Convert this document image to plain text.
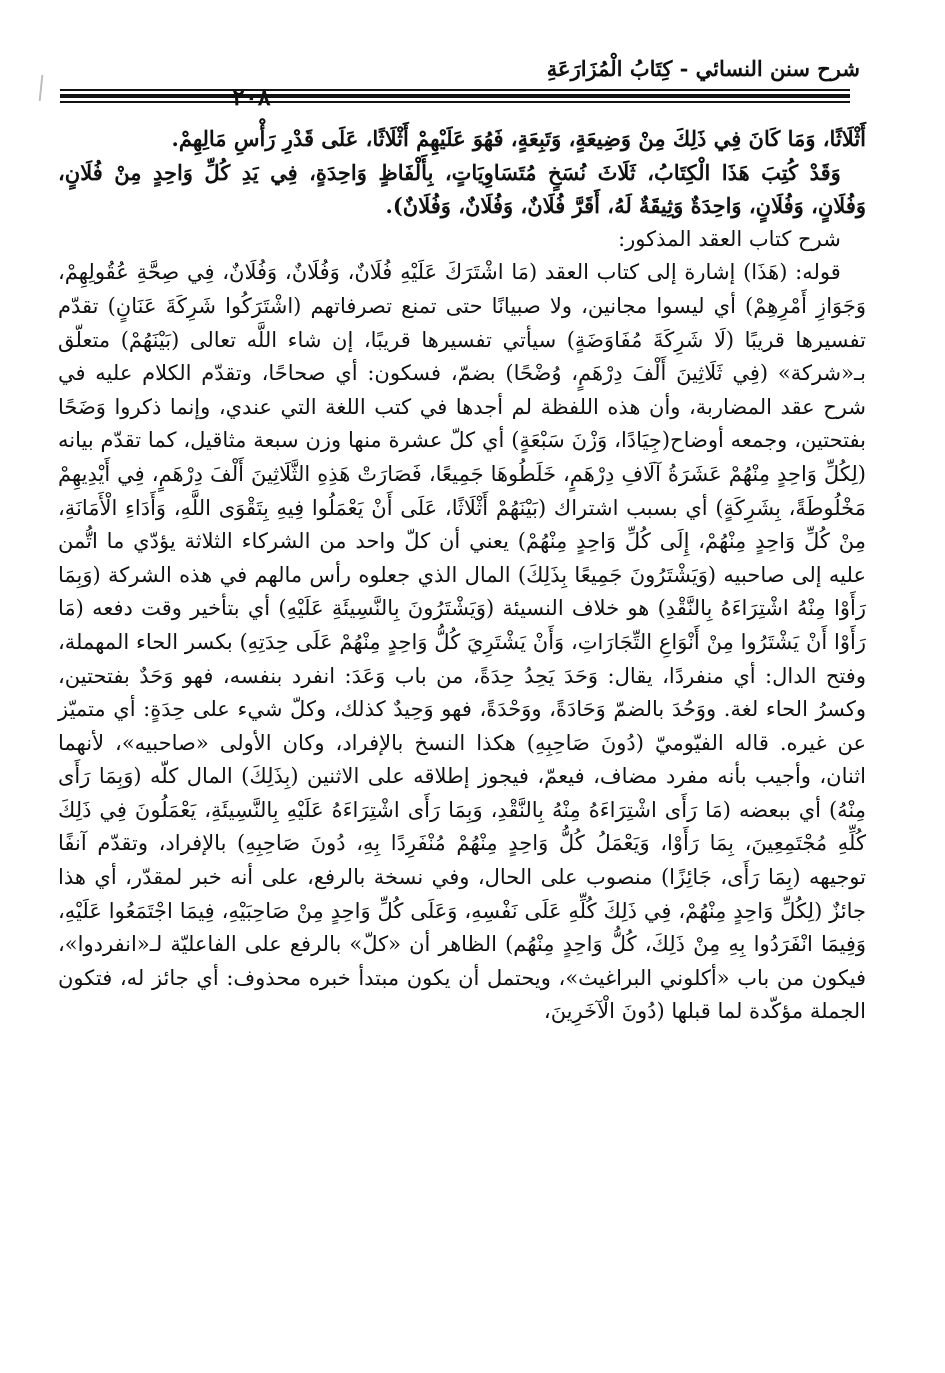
شرح سنن النسائي - كِتَابُ الْمُزَارَعَةِ

أَثْلَاثًا، وَمَا كَانَ فِي ذَلِكَ مِنْ وَضِيعَةٍ، وَتَبِعَةٍ، فَهُوَ عَلَيْهِمْ أَثْلَاثًا، عَلَى قَدْرِ رَأْسِ مَالِهِمْ.

وَقَدْ كُتِبَ هَذَا الْكِتَابُ، ثَلَاثَ نُسَخٍ مُتَسَاوِيَاتٍ، بِأَلْفَاظٍ وَاحِدَةٍ، فِي يَدِ كُلِّ وَاحِدٍ مِنْ فُلَانٍ، وَفُلَانٍ، وَفُلَانٍ، وَاحِدَةٌ وَثِيقَةٌ لَهُ، أَقَرَّ فُلَانٌ، وَفُلَانٌ، وَفُلَانٌ).

شرح كتاب العقد المذكور:

قوله: (هَذَا) إشارة إلى كتاب العقد (مَا اشْتَرَكَ عَلَيْهِ فُلَانٌ، وَفُلَانٌ، وَفُلَانٌ، فِي صِحَّةِ عُقُولِهِمْ، وَجَوَازِ أَمْرِهِمْ) أي ليسوا مجانين، ولا صبيانًا حتى تمنع تصرفاتهم (اشْتَرَكُوا شَرِكَةَ عَنَانٍ) تقدّم تفسيرها قريبًا (لَا شَرِكَةَ مُفَاوَضَةٍ) سيأتي تفسيرها قريبًا، إن شاء اللَّه تعالى (بَيْنَهُمْ) متعلّق بـ«شركة» (فِي ثَلَاثِينَ أَلْفَ دِرْهَمٍ، وُضْحًا) بضمّ، فسكون: أي صحاحًا، وتقدّم الكلام عليه في شرح عقد المضاربة، وأن هذه اللفظة لم أجدها في كتب اللغة التي عندي، وإنما ذكروا وَضَحًا بفتحتين، وجمعه أوضاح(جِيَادًا، وَزْنَ سَبْعَةٍ) أي كلّ عشرة منها وزن سبعة مثاقيل، كما تقدّم بيانه (لِكُلِّ وَاحِدٍ مِنْهُمْ عَشَرَةُ آلَافِ دِرْهَمٍ، خَلَطُوهَا جَمِيعًا، فَصَارَتْ هَذِهِ الثَّلَاثِينَ أَلْفَ دِرْهَمٍ، فِي أَيْدِيهِمْ مَخْلُوطَةً، بِشَرِكَةٍ) أي بسبب اشتراك (بَيْنَهُمْ أَثْلَاثًا، عَلَى أَنْ يَعْمَلُوا فِيهِ بِتَقْوَى اللَّهِ، وَأَدَاءِ الْأَمَانَةِ، مِنْ كُلِّ وَاحِدٍ مِنْهُمْ، إِلَى كُلِّ وَاحِدٍ مِنْهُمْ) يعني أن كلّ واحد من الشركاء الثلاثة يؤدّي ما اتُّمن عليه إلى صاحبيه (وَيَشْتَرُونَ جَمِيعًا بِذَلِكَ) المال الذي جعلوه رأس مالهم في هذه الشركة (وَبِمَا رَأَوْا مِنْهُ اشْتِرَاءَهُ بِالنَّقْدِ) هو خلاف النسيئة (وَيَشْتَرُونَ بِالنَّسِيئَةِ عَلَيْهِ) أي بتأخير وقت دفعه (مَا رَأَوْا أَنْ يَشْتَرُوا مِنْ أَنْوَاعِ التِّجَارَاتِ، وَأَنْ يَشْتَرِيَ كُلُّ وَاحِدٍ مِنْهُمْ عَلَى حِدَتِهِ) بكسر الحاء المهملة، وفتح الدال: أي منفردًا، يقال: وَحَدَ يَحِدُ حِدَةً، من باب وَعَدَ: انفرد بنفسه، فهو وَحَدٌ بفتحتين، وكسرُ الحاء لغة. ووَحُدَ بالضمّ وَحَادَةً، ووَحْدَةً، فهو وَحِيدٌ كذلك، وكلّ شيء على حِدَةٍ: أي متميّز عن غيره. قاله الفيّوميّ (دُونَ صَاحِبِهِ) هكذا النسخ بالإفراد، وكان الأولى «صاحبيه»، لأنهما اثنان، وأجيب بأنه مفرد مضاف، فيعمّ، فيجوز إطلاقه على الاثنين (بِذَلِكَ) المال كلّه (وَبِمَا رَأَى مِنْهُ) أي ببعضه (مَا رَأَى اشْتِرَاءَهُ مِنْهُ بِالنَّقْدِ، وَبِمَا رَأَى اشْتِرَاءَهُ عَلَيْهِ بِالنَّسِيئَةِ، يَعْمَلُونَ فِي ذَلِكَ كُلِّهِ مُجْتَمِعِينَ، بِمَا رَأَوْا، وَيَعْمَلُ كُلُّ وَاحِدٍ مِنْهُمْ مُنْفَرِدًا بِهِ، دُونَ صَاحِبِهِ) بالإفراد، وتقدّم آنفًا توجيهه (بِمَا رَأَى، جَائِزًا) منصوب على الحال، وفي نسخة بالرفع، على أنه خبر لمقدّر، أي هذا جائزٌ (لِكُلِّ وَاحِدٍ مِنْهُمْ، فِي ذَلِكَ كُلِّهِ عَلَى نَفْسِهِ، وَعَلَى كُلِّ وَاحِدٍ مِنْ صَاحِبَيْهِ، فِيمَا اجْتَمَعُوا عَلَيْهِ، وَفِيمَا انْفَرَدُوا بِهِ مِنْ ذَلِكَ، كُلُّ وَاحِدٍ مِنْهُم) الظاهر أن «كلّ» بالرفع على الفاعليّة لـ«انفردوا»، فيكون من باب «أكلوني البراغيث»، ويحتمل أن يكون مبتدأ خبره محذوف: أي جائز له، فتكون الجملة مؤكّدة لما قبلها (دُونَ الْآخَرِينَ،
